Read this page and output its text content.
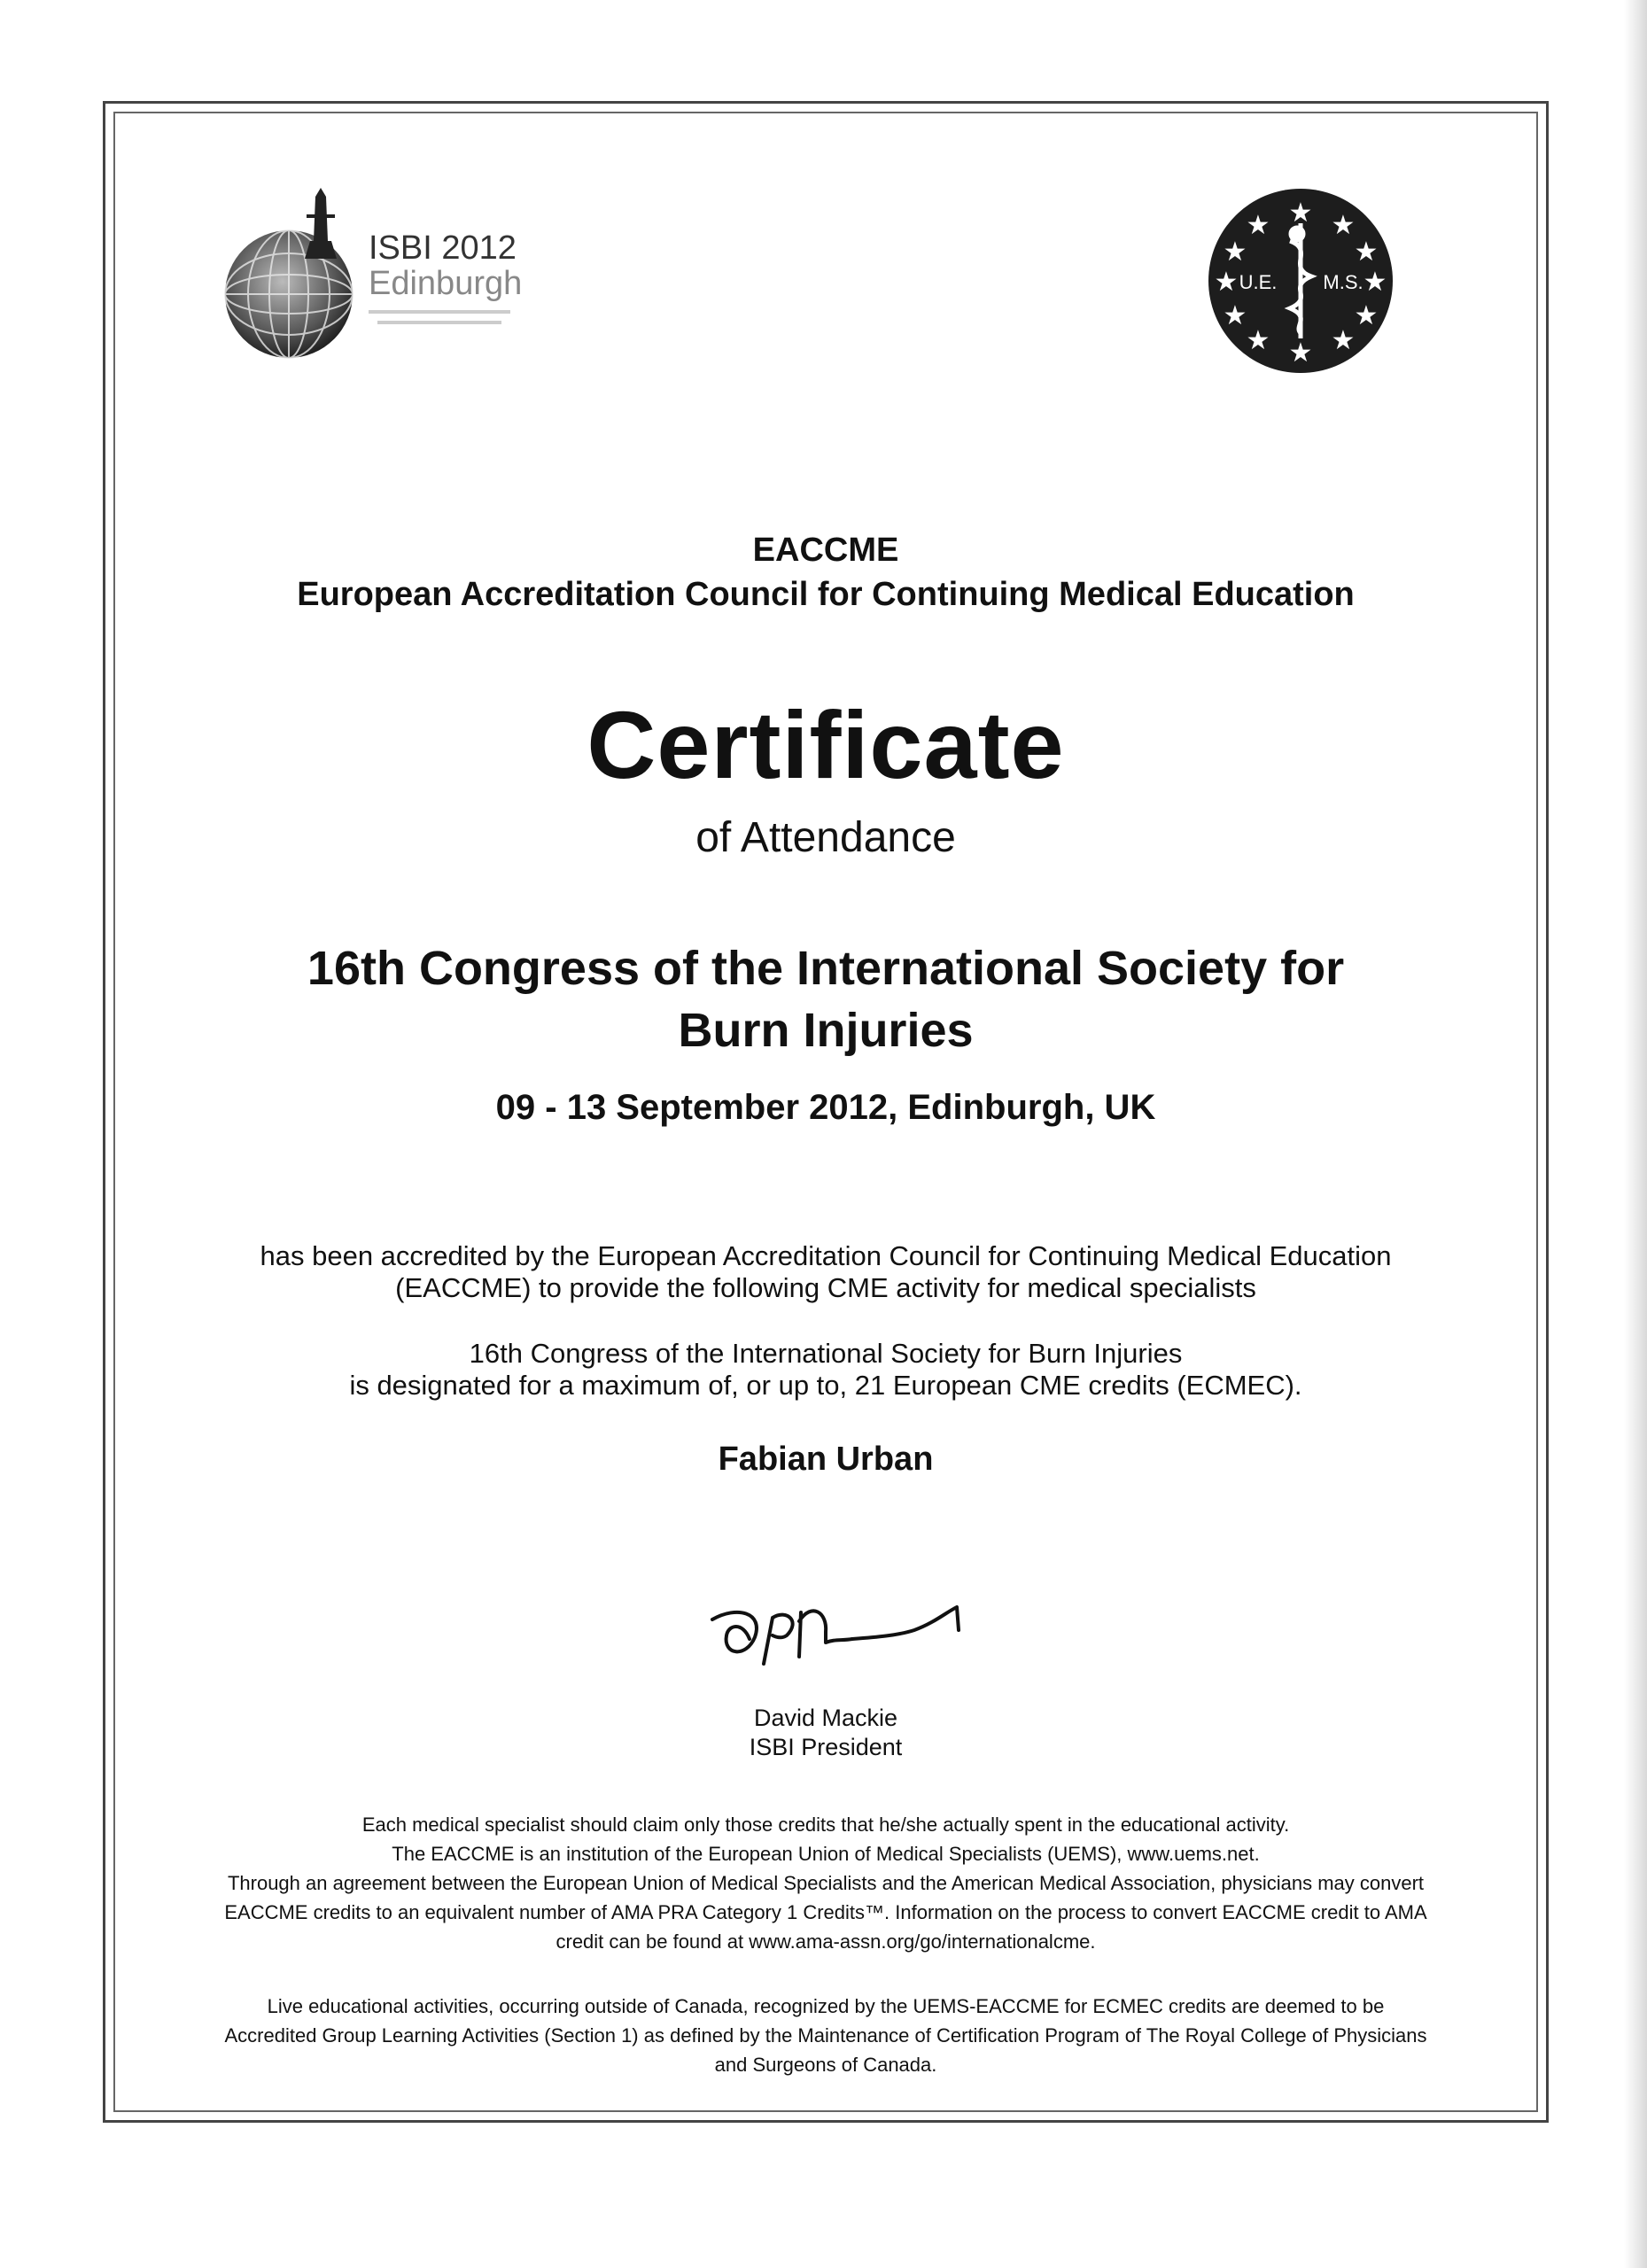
ISBI 2012
Edinburgh
★ ★ ★
★	★
★	★
★	★
★ ★ ★
U.E. M.S.
EACCME
European Accreditation Council for Continuing Medical Education
Certificate
of Attendance
16th Congress of the International Society for
Burn Injuries
09 - 13 September 2012, Edinburgh, UK
has been accredited by the European Accreditation Council for Continuing Medical Education
(EACCME) to provide the following CME activity for medical specialists
16th Congress of the International Society for Burn Injuries
is designated for a maximum of, or up to, 21 European CME credits (ECMEC).
Fabian Urban
David Mackie
ISBI President
Each medical specialist should claim only those credits that he/she actually spent in the educational activity.
The EACCME is an institution of the European Union of Medical Specialists (UEMS), www.uems.net.
Through an agreement between the European Union of Medical Specialists and the American Medical Association, physicians may convert
EACCME credits to an equivalent number of AMA PRA Category 1 Credits™. Information on the process to convert EACCME credit to AMA
credit can be found at www.ama-assn.org/go/internationalcme.
Live educational activities, occurring outside of Canada, recognized by the UEMS-EACCME for ECMEC credits are deemed to be
Accredited Group Learning Activities (Section 1) as defined by the Maintenance of Certification Program of The Royal College of Physicians
and Surgeons of Canada.
